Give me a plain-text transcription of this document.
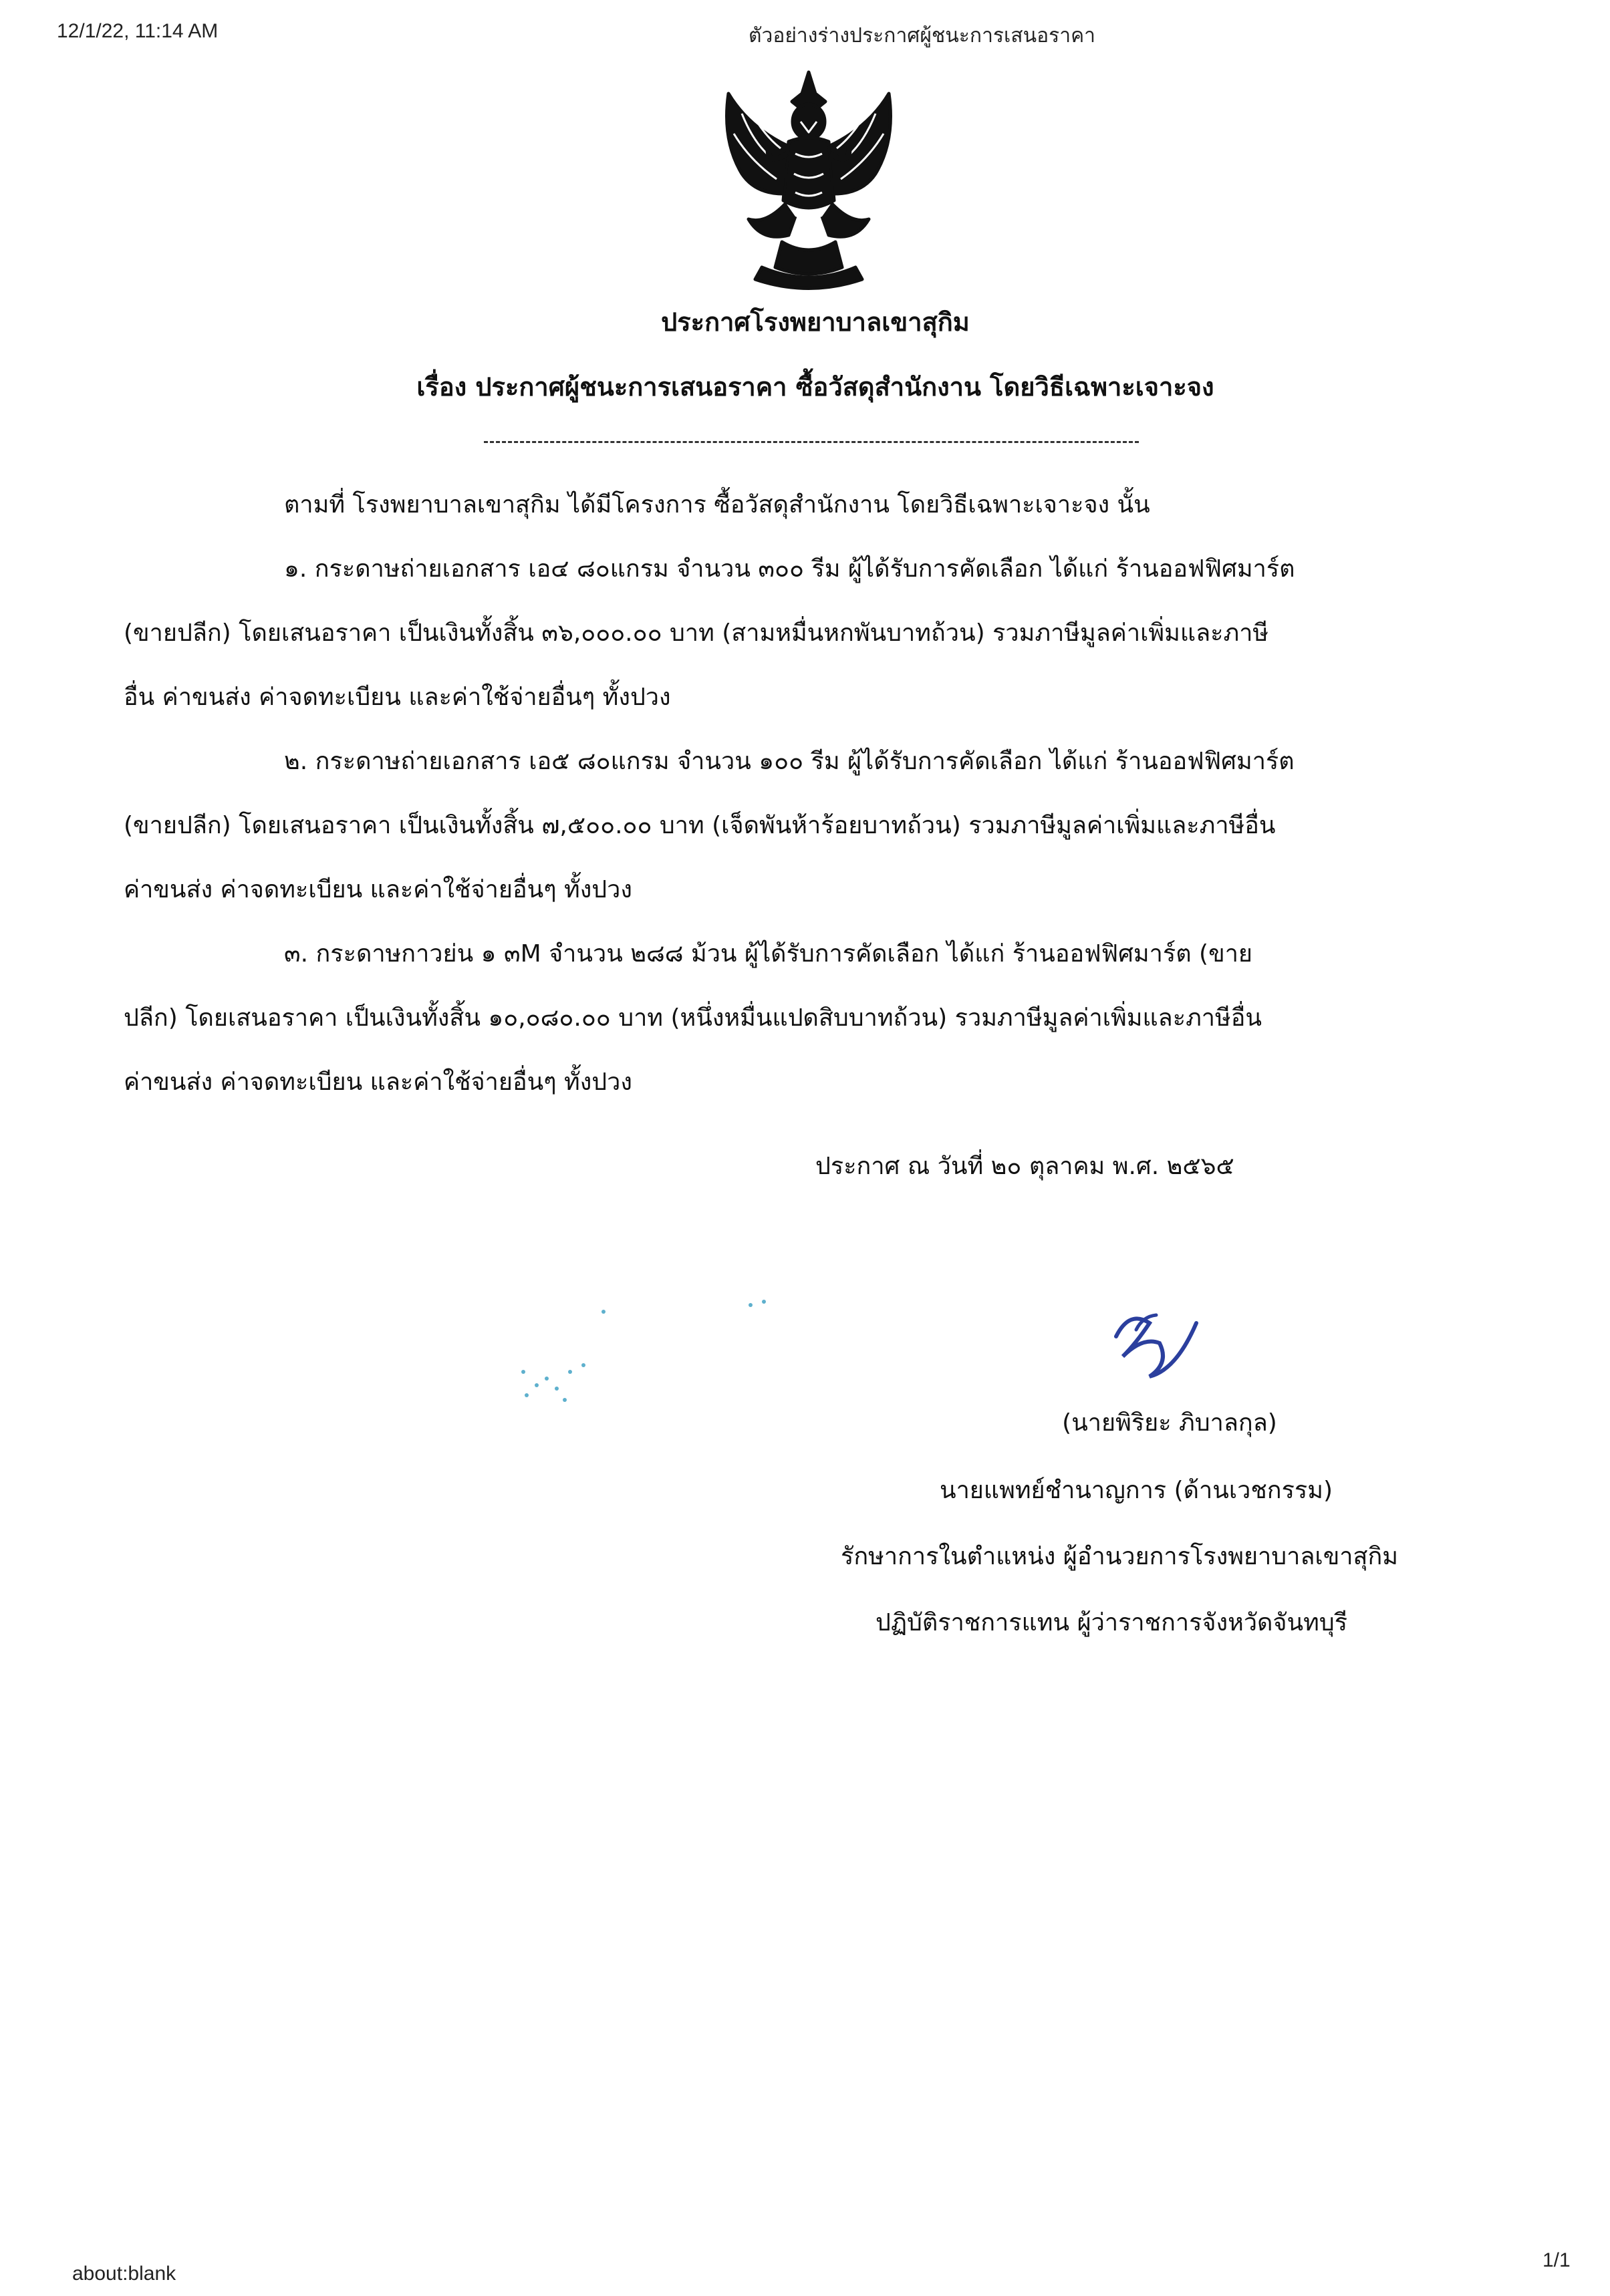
12/1/22, 11:14 AM	ตัวอย่างร่างประกาศผู้ชนะการเสนอราคา
ประกาศโรงพยาบาลเขาสุกิม
เรื่อง ประกาศผู้ชนะการเสนอราคา ซื้อวัสดุสำนักงาน โดยวิธีเฉพาะเจาะจง
ตามที่ โรงพยาบาลเขาสุกิม ได้มีโครงการ ซื้อวัสดุสำนักงาน โดยวิธีเฉพาะเจาะจง นั้น
๑. กระดาษถ่ายเอกสาร เอ๔ ๘๐แกรม จำนวน ๓๐๐ รีม ผู้ได้รับการคัดเลือก ได้แก่ ร้านออฟฟิศมาร์ต
(ขายปลีก) โดยเสนอราคา เป็นเงินทั้งสิ้น ๓๖,๐๐๐.๐๐ บาท (สามหมื่นหกพันบาทถ้วน) รวมภาษีมูลค่าเพิ่มและภาษี
อื่น ค่าขนส่ง ค่าจดทะเบียน และค่าใช้จ่ายอื่นๆ ทั้งปวง
๒. กระดาษถ่ายเอกสาร เอ๕ ๘๐แกรม จำนวน ๑๐๐ รีม ผู้ได้รับการคัดเลือก ได้แก่ ร้านออฟฟิศมาร์ต
(ขายปลีก) โดยเสนอราคา เป็นเงินทั้งสิ้น ๗,๕๐๐.๐๐ บาท (เจ็ดพันห้าร้อยบาทถ้วน) รวมภาษีมูลค่าเพิ่มและภาษีอื่น
ค่าขนส่ง ค่าจดทะเบียน และค่าใช้จ่ายอื่นๆ ทั้งปวง
๓. กระดาษกาวย่น ๑ ๓M จำนวน ๒๘๘ ม้วน ผู้ได้รับการคัดเลือก ได้แก่ ร้านออฟฟิศมาร์ต (ขาย
ปลีก) โดยเสนอราคา เป็นเงินทั้งสิ้น ๑๐,๐๘๐.๐๐ บาท (หนึ่งหมื่นแปดสิบบาทถ้วน) รวมภาษีมูลค่าเพิ่มและภาษีอื่น
ค่าขนส่ง ค่าจดทะเบียน และค่าใช้จ่ายอื่นๆ ทั้งปวง
ประกาศ ณ วันที่ ๒๐ ตุลาคม พ.ศ. ๒๕๖๕
(นายพิริยะ ภิบาลกุล)
นายแพทย์ชำนาญการ (ด้านเวชกรรม)
รักษาการในตำแหน่ง ผู้อำนวยการโรงพยาบาลเขาสุกิม
ปฏิบัติราชการแทน ผู้ว่าราชการจังหวัดจันทบุรี
about:blank
1/1
